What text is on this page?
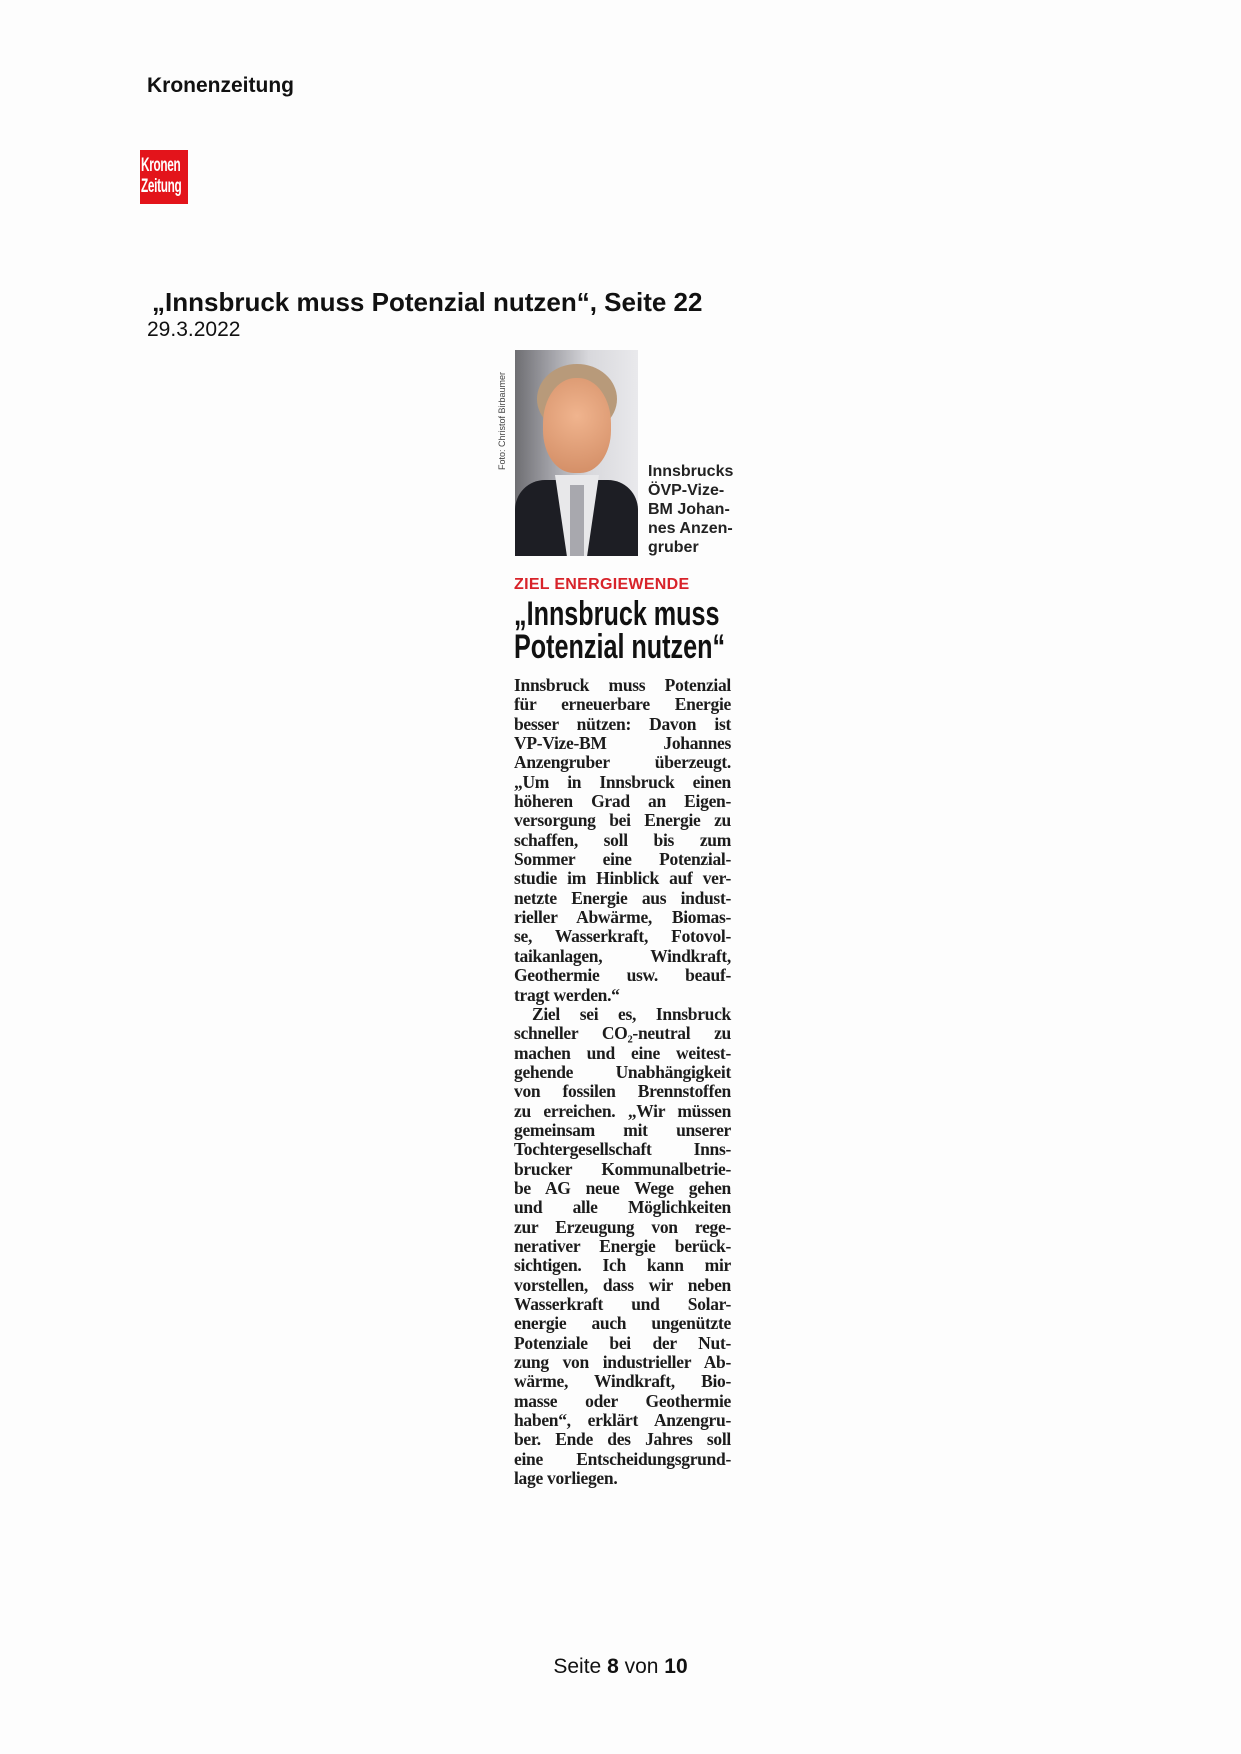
Kronenzeitung
Kronen
Zeitung
„Innsbruck muss Potenzial nutzen“, Seite 22
29.3.2022
Foto: Christof Birbaumer
Innsbrucks
ÖVP-Vize-
BM Johan-
nes Anzen-
gruber
ZIEL ENERGIEWENDE
„Innsbruck muss
Potenzial nutzen“
Innsbruck muss Potenzial
für erneuerbare Energie
besser nützen: Davon ist
VP-Vize-BM Johannes
Anzengruber überzeugt.
„Um in Innsbruck einen
höheren Grad an Eigen-
versorgung bei Energie zu
schaffen, soll bis zum
Sommer eine Potenzial-
studie im Hinblick auf ver-
netzte Energie aus indust-
rieller Abwärme, Biomas-
se, Wasserkraft, Fotovol-
taikanlagen, Windkraft,
Geothermie usw. beauf-
tragt werden.“
Ziel sei es, Innsbruck
schneller CO₂-neutral zu
machen und eine weitest-
gehende Unabhängigkeit
von fossilen Brennstoffen
zu erreichen. „Wir müssen
gemeinsam mit unserer
Tochtergesellschaft Inns-
brucker Kommunalbetrie-
be AG neue Wege gehen
und alle Möglichkeiten
zur Erzeugung von rege-
nerativer Energie berück-
sichtigen. Ich kann mir
vorstellen, dass wir neben
Wasserkraft und Solar-
energie auch ungenützte
Potenziale bei der Nut-
zung von industrieller Ab-
wärme, Windkraft, Bio-
masse oder Geothermie
haben“, erklärt Anzengru-
ber. Ende des Jahres soll
eine Entscheidungsgrund-
lage vorliegen.
Seite 8 von 10
